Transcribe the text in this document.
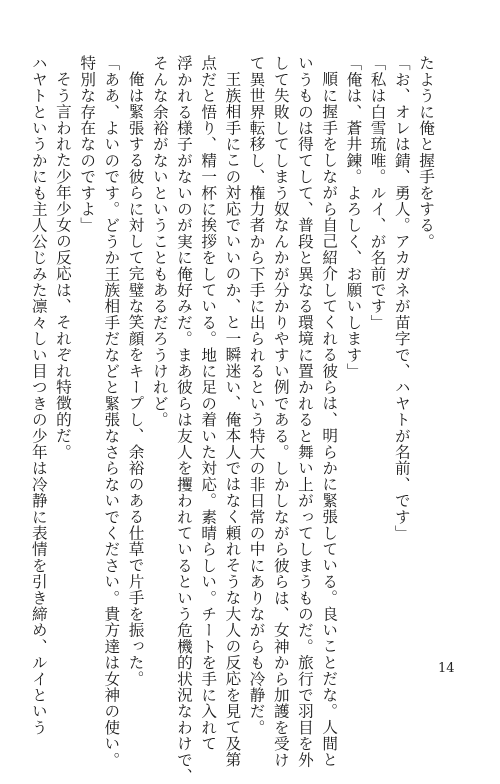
たように俺と握手をする。
「お、オレは錆、勇人。アカガネが苗字で、ハヤトが名前、です」
「私は白雪琉唯。ルイ、が名前です」
「俺は、蒼井錬。よろしく、お願いします」
順に握手をしながら自己紹介してくれる彼らは、明らかに緊張している。良いことだな。人間と
いうものは得てして、普段と異なる環境に置かれると舞い上がってしまうものだ。旅行で羽目を外
して失敗してしまう奴なんかが分かりやすい例である。しかしながら彼らは、女神から加護を受け
て異世界転移し、権力者から下手に出られるという特大の非日常の中にありながらも冷静だ。
王族相手にこの対応でいいのか、と一瞬迷い、俺本人ではなく頼れそうな大人の反応を見て及第
点だと悟り、精一杯に挨拶をしている。地に足の着いた対応。素晴らしい。チートを手に入れて
浮かれる様子がないのが実に俺好みだ。まあ彼らは友人を攫われているという危機的状況なわけで、
そんな余裕がないということもあるだろうけれど。
俺は緊張する彼らに対して完璧な笑顔をキープし、余裕のある仕草で片手を振った。
「ああ、よいのです。どうか王族相手だなどと緊張なさらないでください。貴方達は女神の使い。
特別な存在なのですよ」
そう言われた少年少女の反応は、それぞれ特徴的だ。
ハヤトというかにも主人公じみた凛々しい目つきの少年は冷静に表情を引き締め、ルイという	14
